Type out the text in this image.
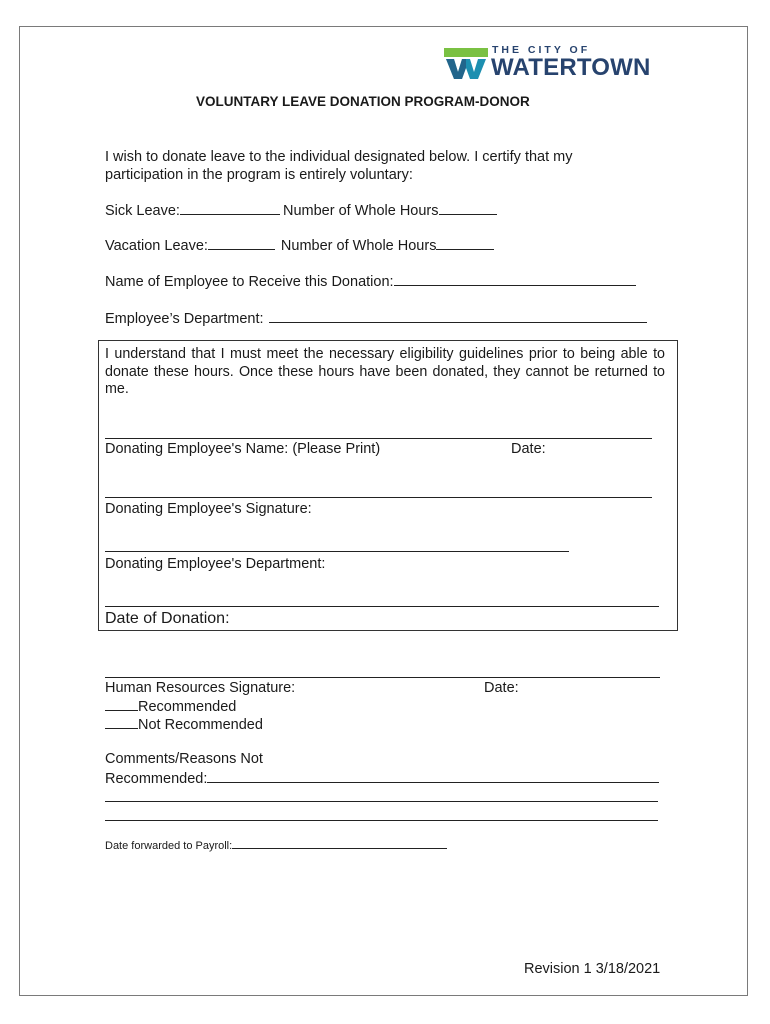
THE CITY OF
WATERTOWN
VOLUNTARY LEAVE DONATION PROGRAM-DONOR
I wish to donate leave to the individual designated below. I certify that my participation in the program is entirely voluntary:
Sick Leave:	Number of Whole Hours
Vacation Leave:	Number of Whole Hours
Name of Employee to Receive this Donation:
Employee’s Department:
I understand that I must meet the necessary eligibility guidelines prior to being able to donate these hours. Once these hours have been donated, they cannot be returned to me.
Donating Employee's Name: (Please Print)	Date:
Donating Employee's Signature:
Donating Employee's Department:
Date of Donation:
Human Resources Signature:	Date:
Recommended
Not Recommended
Comments/Reasons Not
Recommended:
Date forwarded to Payroll:
Revision 1 3/18/2021
